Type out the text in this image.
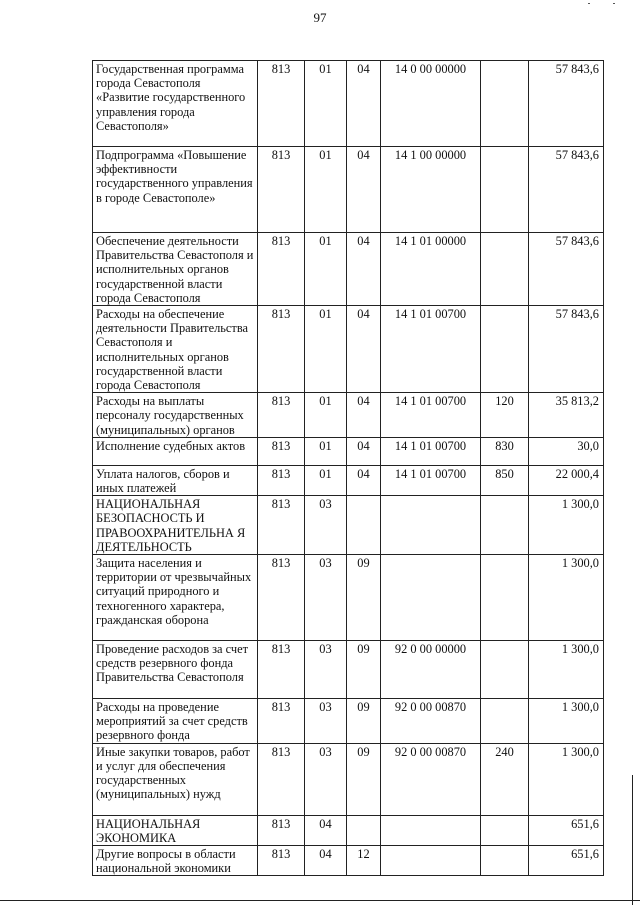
97
Государственная программа города Севастополя «Развитие государственного управления города Севастополя»	813	01	04	14 0 00 00000		57 843,6
Подпрограмма «Повышение эффективности государственного управления в городе Севастополе»	813	01	04	14 1 00 00000		57 843,6
Обеспечение деятельности Правительства Севастополя и исполнительных органов государственной власти города Севастополя	813	01	04	14 1 01 00000		57 843,6
Расходы на обеспечение деятельности Правительства Севастополя и исполнительных органов государственной власти города Севастополя	813	01	04	14 1 01 00700		57 843,6
Расходы на выплаты персоналу государственных (муниципальных) органов	813	01	04	14 1 01 00700	120	35 813,2
Исполнение судебных актов	813	01	04	14 1 01 00700	830	30,0
Уплата налогов, сборов и иных платежей	813	01	04	14 1 01 00700	850	22 000,4
НАЦИОНАЛЬНАЯ БЕЗОПАСНОСТЬ И ПРАВООХРАНИТЕЛЬНА Я ДЕЯТЕЛЬНОСТЬ	813	03				1 300,0
Защита населения и территории от чрезвычайных ситуаций природного и техногенного характера, гражданская оборона	813	03	09			1 300,0
Проведение расходов за счет средств резервного фонда Правительства Севастополя	813	03	09	92 0 00 00000		1 300,0
Расходы на проведение мероприятий за счет средств резервного фонда	813	03	09	92 0 00 00870		1 300,0
Иные закупки товаров, работ и услуг для обеспечения государственных (муниципальных) нужд	813	03	09	92 0 00 00870	240	1 300,0
НАЦИОНАЛЬНАЯ ЭКОНОМИКА	813	04				651,6
Другие вопросы в области национальной экономики	813	04	12			651,6
